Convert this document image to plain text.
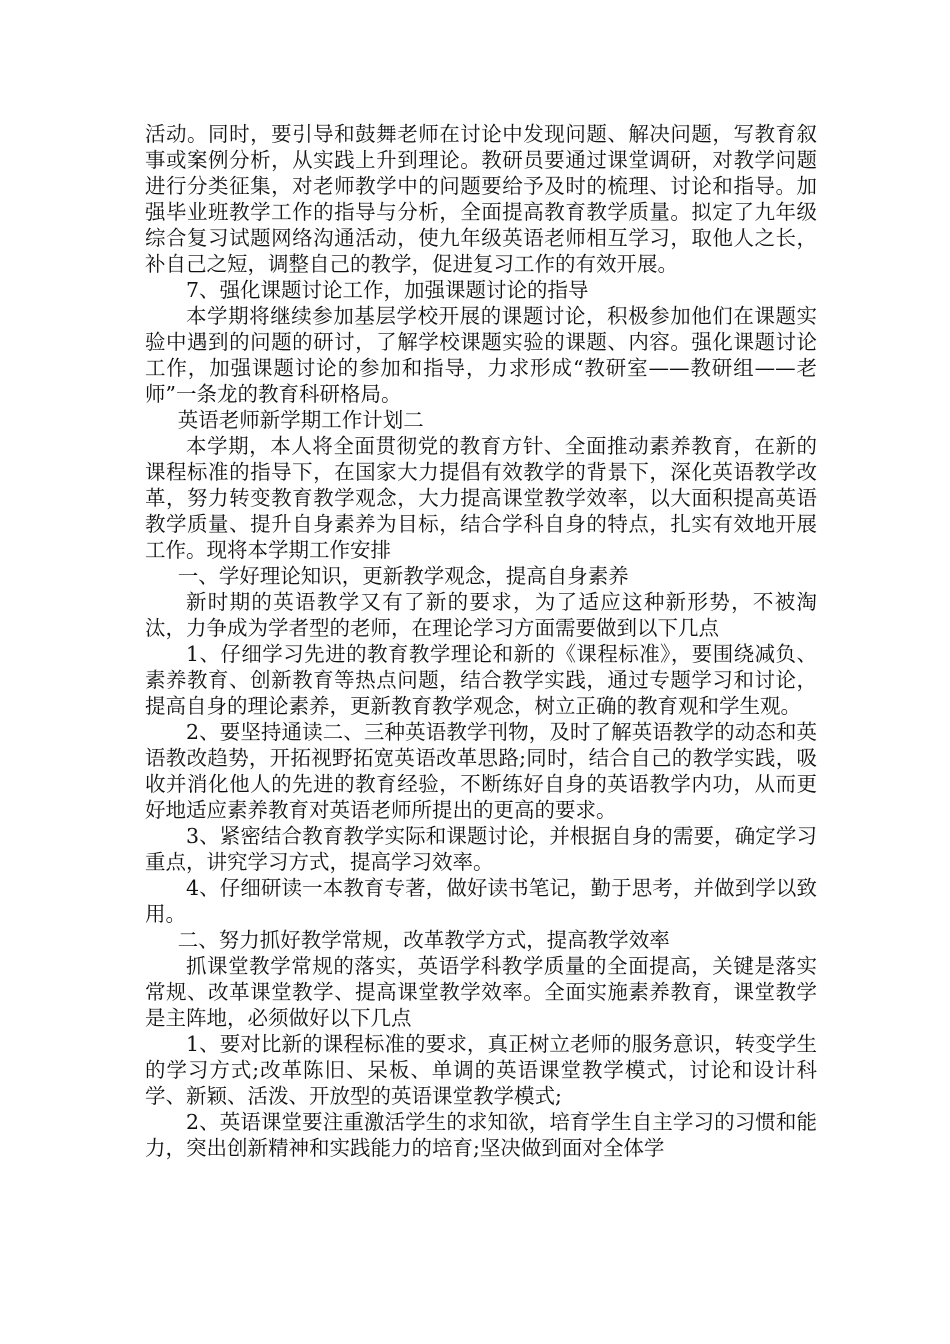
活动。同时，要引导和鼓舞老师在讨论中发现问题、解决问题，写教育叙事或案例分析，从实践上升到理论。教研员要通过课堂调研，对教学问题进行分类征集，对老师教学中的问题要给予及时的梳理、讨论和指导。加强毕业班教学工作的指导与分析，全面提高教育教学质量。拟定了九年级综合复习试题网络沟通活动，使九年级英语老师相互学习，取他人之长，补自己之短，调整自己的教学，促进复习工作的有效开展。

7、强化课题讨论工作，加强课题讨论的指导

本学期将继续参加基层学校开展的课题讨论，积极参加他们在课题实验中遇到的问题的研讨，了解学校课题实验的课题、内容。强化课题讨论工作，加强课题讨论的参加和指导，力求形成“教研室——教研组——老师”一条龙的教育科研格局。

英语老师新学期工作计划二

本学期，本人将全面贯彻党的教育方针、全面推动素养教育，在新的课程标准的指导下，在国家大力提倡有效教学的背景下，深化英语教学改革，努力转变教育教学观念，大力提高课堂教学效率，以大面积提高英语教学质量、提升自身素养为目标，结合学科自身的特点，扎实有效地开展工作。现将本学期工作安排

一、学好理论知识，更新教学观念，提高自身素养

新时期的英语教学又有了新的要求，为了适应这种新形势，不被淘汰，力争成为学者型的老师，在理论学习方面需要做到以下几点

1、仔细学习先进的教育教学理论和新的《课程标准》，要围绕减负、素养教育、创新教育等热点问题，结合教学实践，通过专题学习和讨论，提高自身的理论素养，更新教育教学观念，树立正确的教育观和学生观。

2、要坚持通读二、三种英语教学刊物，及时了解英语教学的动态和英语教改趋势，开拓视野拓宽英语改革思路;同时，结合自己的教学实践，吸收并消化他人的先进的教育经验，不断练好自身的英语教学内功，从而更好地适应素养教育对英语老师所提出的更高的要求。

3、紧密结合教育教学实际和课题讨论，并根据自身的需要，确定学习重点，讲究学习方式，提高学习效率。

4、仔细研读一本教育专著，做好读书笔记，勤于思考，并做到学以致用。

二、努力抓好教学常规，改革教学方式，提高教学效率

抓课堂教学常规的落实，英语学科教学质量的全面提高，关键是落实常规、改革课堂教学、提高课堂教学效率。全面实施素养教育，课堂教学是主阵地，必须做好以下几点

1、要对比新的课程标准的要求，真正树立老师的服务意识，转变学生的学习方式;改革陈旧、呆板、单调的英语课堂教学模式，讨论和设计科学、新颖、活泼、开放型的英语课堂教学模式;

2、英语课堂要注重激活学生的求知欲，培育学生自主学习的习惯和能力，突出创新精神和实践能力的培育;坚决做到面对全体学
